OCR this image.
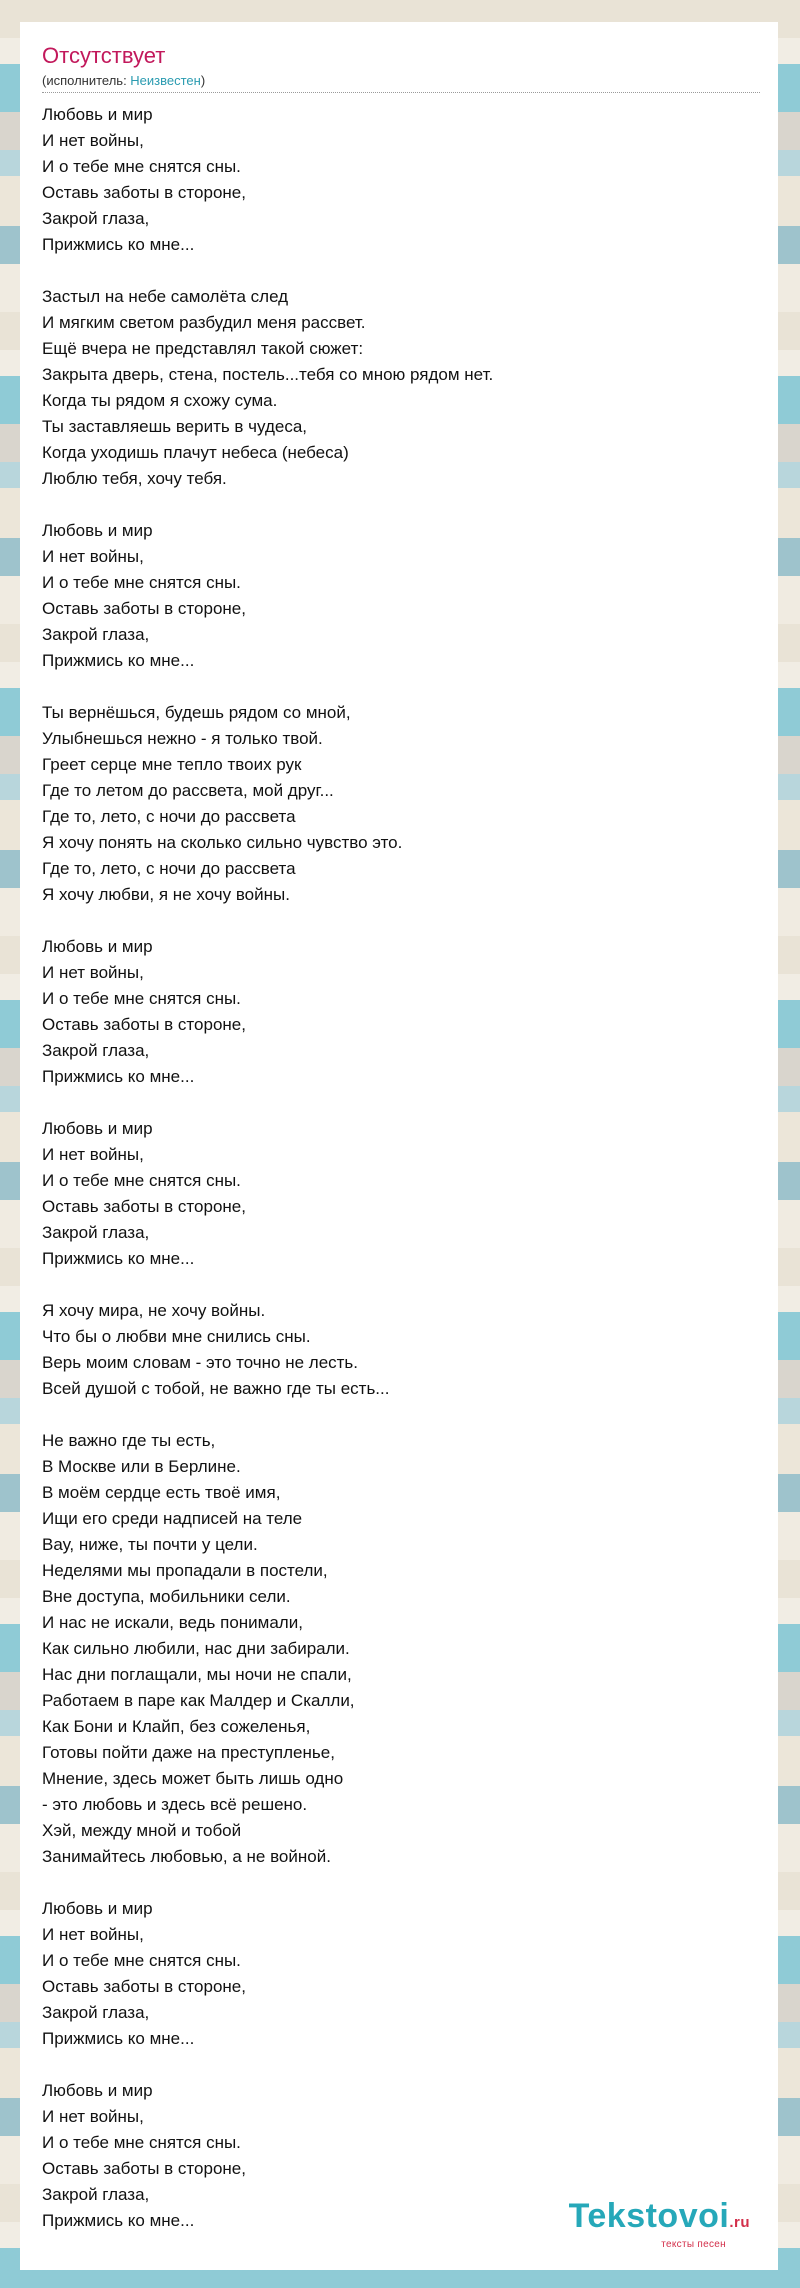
Отсутствует
(исполнитель: Неизвестен)
Любовь и мир
И нет войны,
И о тебе мне снятся сны.
Оставь заботы в стороне,
Закрой глаза,
Прижмись ко мне...
Застыл на небе самолёта след
И мягким светом разбудил меня рассвет.
Ещё вчера не представлял такой сюжет:
Закрыта дверь, стена, постель...тебя со мною рядом нет.
Когда ты рядом я схожу сума.
Ты заставляешь верить в чудеса,
Когда уходишь плачут небеса (небеса)
Люблю тебя, хочу тебя.
Любовь и мир
И нет войны,
И о тебе мне снятся сны.
Оставь заботы в стороне,
Закрой глаза,
Прижмись ко мне...
Ты вернёшься, будешь рядом со мной,
Улыбнешься нежно - я только твой.
Греет серце мне тепло твоих рук
Где то летом до рассвета, мой друг...
Где то, лето, с ночи до рассвета
Я хочу понять на сколько сильно чувство это.
Где то, лето, с ночи до рассвета
Я хочу любви, я не хочу войны.
Любовь и мир
И нет войны,
И о тебе мне снятся сны.
Оставь заботы в стороне,
Закрой глаза,
Прижмись ко мне...
Любовь и мир
И нет войны,
И о тебе мне снятся сны.
Оставь заботы в стороне,
Закрой глаза,
Прижмись ко мне...
Я хочу мира, не хочу войны.
Что бы о любви мне снились сны.
Верь моим словам - это точно не лесть.
Всей душой с тобой, не важно где ты есть...
Не важно где ты есть,
В Москве или в Берлине.
В моём сердце есть твоё имя,
Ищи его среди надписей на теле
Вау, ниже, ты почти у цели.
Неделями мы пропадали в постели,
Вне доступа, мобильники сели.
И нас не искали, ведь понимали,
Как сильно любили, нас дни забирали.
Нас дни поглащали, мы ночи не спали,
Работаем в паре как Малдер и Скалли,
Как Бони и Клайп, без сожеленья,
Готовы пойти даже на преступленье,
Мнение, здесь может быть лишь одно
- это любовь и здесь всё решено.
Хэй, между мной и тобой
Занимайтесь любовью, а не войной.
Любовь и мир
И нет войны,
И о тебе мне снятся сны.
Оставь заботы в стороне,
Закрой глаза,
Прижмись ко мне...
Любовь и мир
И нет войны,
И о тебе мне снятся сны.
Оставь заботы в стороне,
Закрой глаза,
Прижмись ко мне...	Tekstovoi.ru
тексты песен
